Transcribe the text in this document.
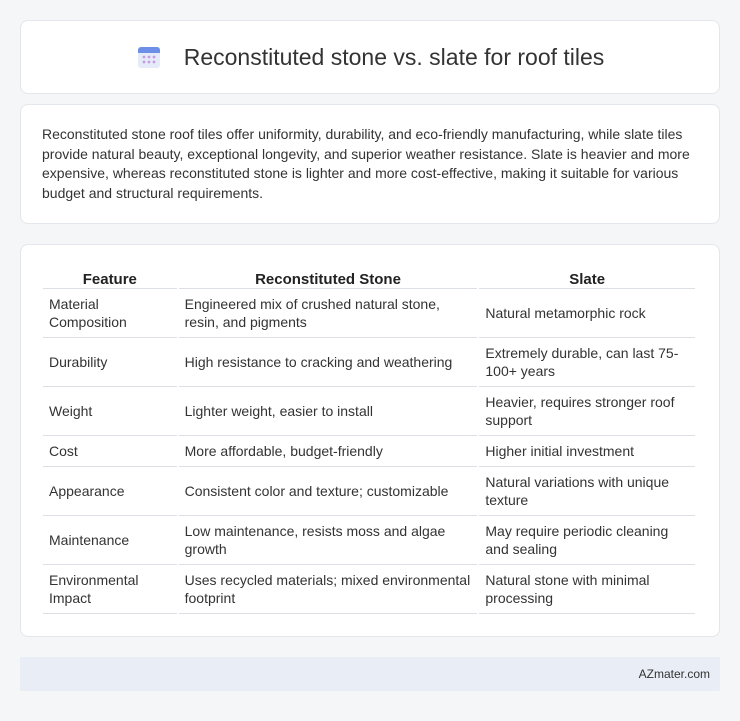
Reconstituted stone vs. slate for roof tiles

Reconstituted stone roof tiles offer uniformity, durability, and eco-friendly manufacturing, while slate tiles provide natural beauty, exceptional longevity, and superior weather resistance. Slate is heavier and more expensive, whereas reconstituted stone is lighter and more cost-effective, making it suitable for various budget and structural requirements.

Feature	Reconstituted Stone	Slate
Material Composition	Engineered mix of crushed natural stone, resin, and pigments	Natural metamorphic rock
Durability	High resistance to cracking and weathering	Extremely durable, can last 75-100+ years
Weight	Lighter weight, easier to install	Heavier, requires stronger roof support
Cost	More affordable, budget-friendly	Higher initial investment
Appearance	Consistent color and texture; customizable	Natural variations with unique texture
Maintenance	Low maintenance, resists moss and algae growth	May require periodic cleaning and sealing
Environmental Impact	Uses recycled materials; mixed environmental footprint	Natural stone with minimal processing
AZmater.com
